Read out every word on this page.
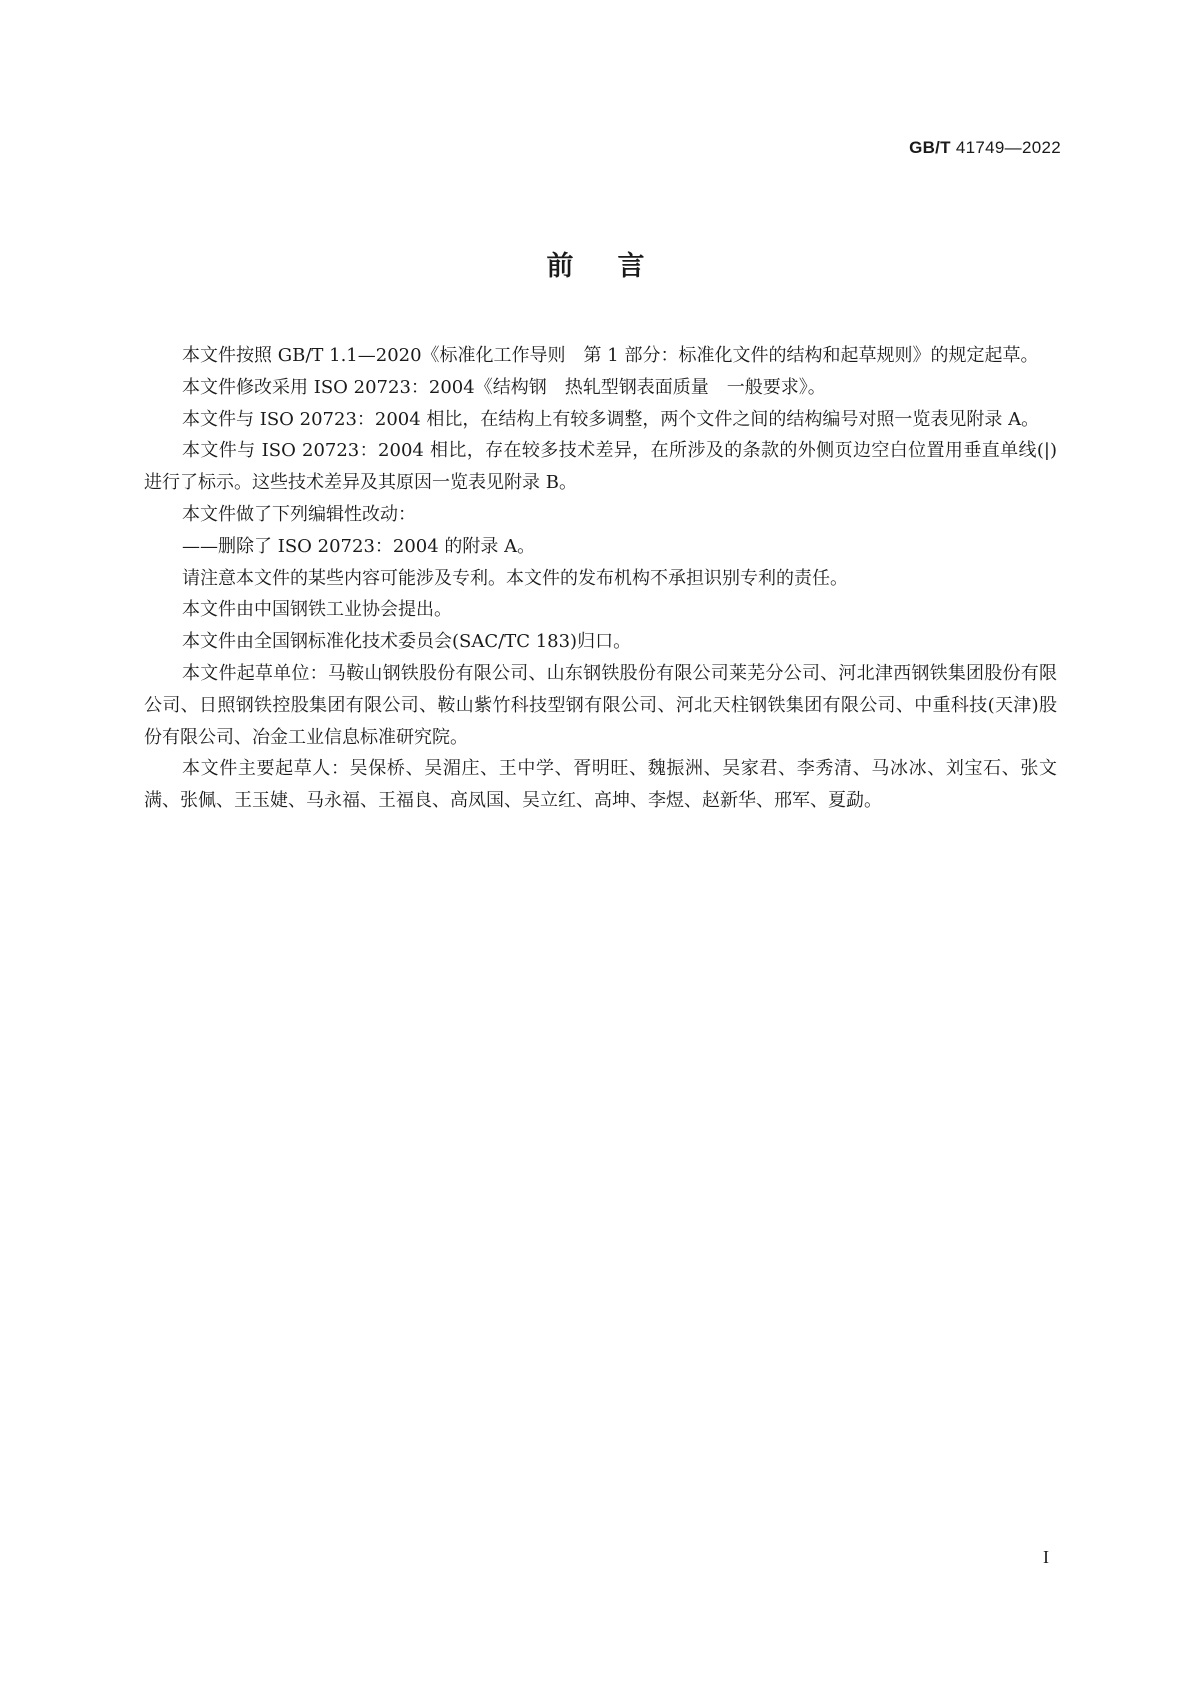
GB/T 41749—2022
前言

本文件按照 GB/T 1.1—2020《标准化工作导则　第 1 部分：标准化文件的结构和起草规则》的规定起草。

本文件修改采用 ISO 20723：2004《结构钢　热轧型钢表面质量　一般要求》。

本文件与 ISO 20723：2004 相比，在结构上有较多调整，两个文件之间的结构编号对照一览表见附录 A。

本文件与 ISO 20723：2004 相比，存在较多技术差异，在所涉及的条款的外侧页边空白位置用垂直单线(|)进行了标示。这些技术差异及其原因一览表见附录 B。

本文件做了下列编辑性改动：

——删除了 ISO 20723：2004 的附录 A。

请注意本文件的某些内容可能涉及专利。本文件的发布机构不承担识别专利的责任。

本文件由中国钢铁工业协会提出。

本文件由全国钢标准化技术委员会(SAC/TC 183)归口。

本文件起草单位：马鞍山钢铁股份有限公司、山东钢铁股份有限公司莱芜分公司、河北津西钢铁集团股份有限公司、日照钢铁控股集团有限公司、鞍山紫竹科技型钢有限公司、河北天柱钢铁集团有限公司、中重科技(天津)股份有限公司、冶金工业信息标准研究院。

本文件主要起草人：吴保桥、吴湄庄、王中学、胥明旺、魏振洲、吴家君、李秀清、马冰冰、刘宝石、张文满、张佩、王玉婕、马永福、王福良、高凤国、吴立红、高坤、李煜、赵新华、邢军、夏勐。

I
